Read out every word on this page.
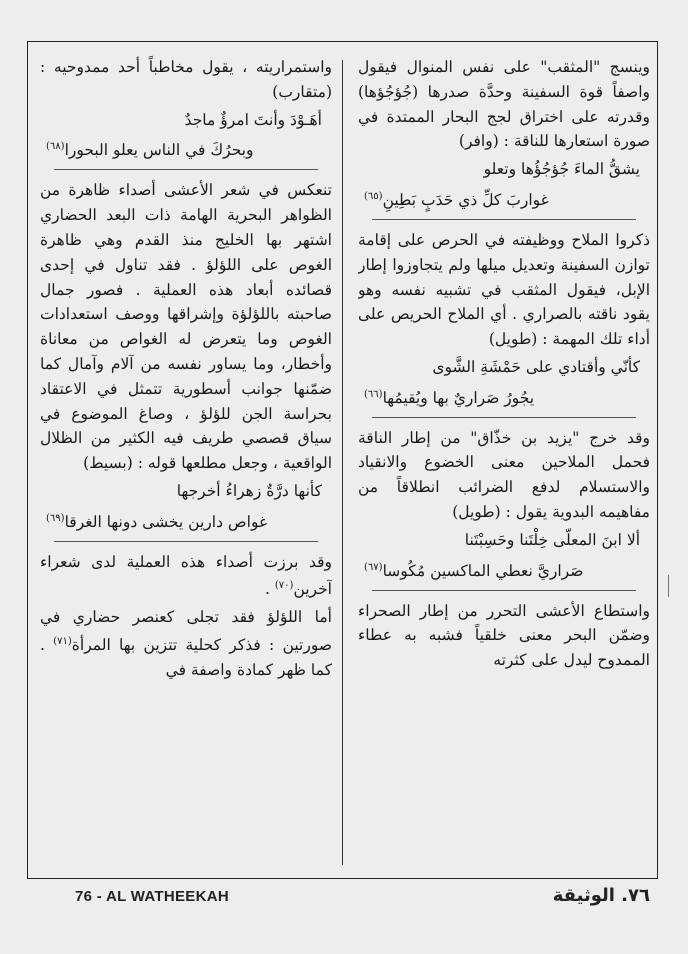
وينسج "المثقب" على نفس المنوال فيقول واصفاً قوة السفينة وحدَّة صدرها (جُؤجُؤها) وقدرته على اختراق لجج البحار الممتدة في صورة استعارها للناقة : (وافر)

يشقُّ الماءَ جُؤجُؤُها وتعلو

غواربَ كلِّ ذي حَدَبٍ بَطِينِ$^{(٦٥)}$

ذكروا الملاح ووظيفته في الحرص على إقامة توازن السفينة وتعديل ميلها ولم يتجاوزوا إطار الإبل، فيقول المثقب في تشبيه نفسه وهو يقود ناقته بالصراري . أي الملاح الحريص على أداء تلك المهمة : (طويل)

كأنّي وأقتادي على حَمْشَةِ الشَّوى

يجُورُ صَراريٌ بها ويُقيمُها$^{(٦٦)}$

وقد خرج "يزيد بن خذّاق" من إطار الناقة فحمل الملاحين معنى الخضوع والانقياد والاستسلام لدفع الضرائب انطلاقاً من مفاهيمه البدوية يقول : (طويل)

ألا ابنَ المعلّى خِلْتَنا وحَسِبْتَنا

صَراريَّ نعطي الماكسين مُكُوسا$^{(٦٧)}$

واستطاع الأعشى التحرر من إطار الصحراء وضمّن البحر معنى خلقياً فشبه به عطاء الممدوح ليدل على كثرته

واستمراريته ، يقول مخاطباً أحد ممدوحيه : (متقارب)

أهَـوْدَ وأنتَ امرؤٌ ماجدٌ

وبحرُكَ في الناس يعلو البحورا$^{(٦٨)}$

تنعكس في شعر الأعشى أصداء ظاهرة من الظواهر البحرية الهامة ذات البعد الحضاري اشتهر بها الخليج منذ القدم وهي ظاهرة الغوص على اللؤلؤ . فقد تناول في إحدى قصائده أبعاد هذه العملية . فصور جمال صاحبته باللؤلؤة وإشراقها ووصف استعدادات الغوص وما يتعرض له الغواص من معاناة وأخطار، وما يساور نفسه من آلام وآمال كما ضمّنها جوانب أسطورية تتمثل في الاعتقاد بحراسة الجن للؤلؤ ، وصاغ الموضوع في سياق قصصي طريف فيه الكثير من الظلال الواقعية ، وجعل مطلعها قوله : (بسيط)

كأنها درَّةٌ زهراءُ أخرجها

غواص دارين يخشى دونها الغرقا$^{(٦٩)}$

وقد برزت أصداء هذه العملية لدى شعراء آخرين$^{(٧٠)}$ .

أما اللؤلؤ فقد تجلى كعنصر حضاري في صورتين : فذكر كحلية تتزين بها المرأة$^{(٧١)}$ . كما ظهر كمادة واصفة في

76 - AL WATHEEKAH	٧٦. الوثيقة
